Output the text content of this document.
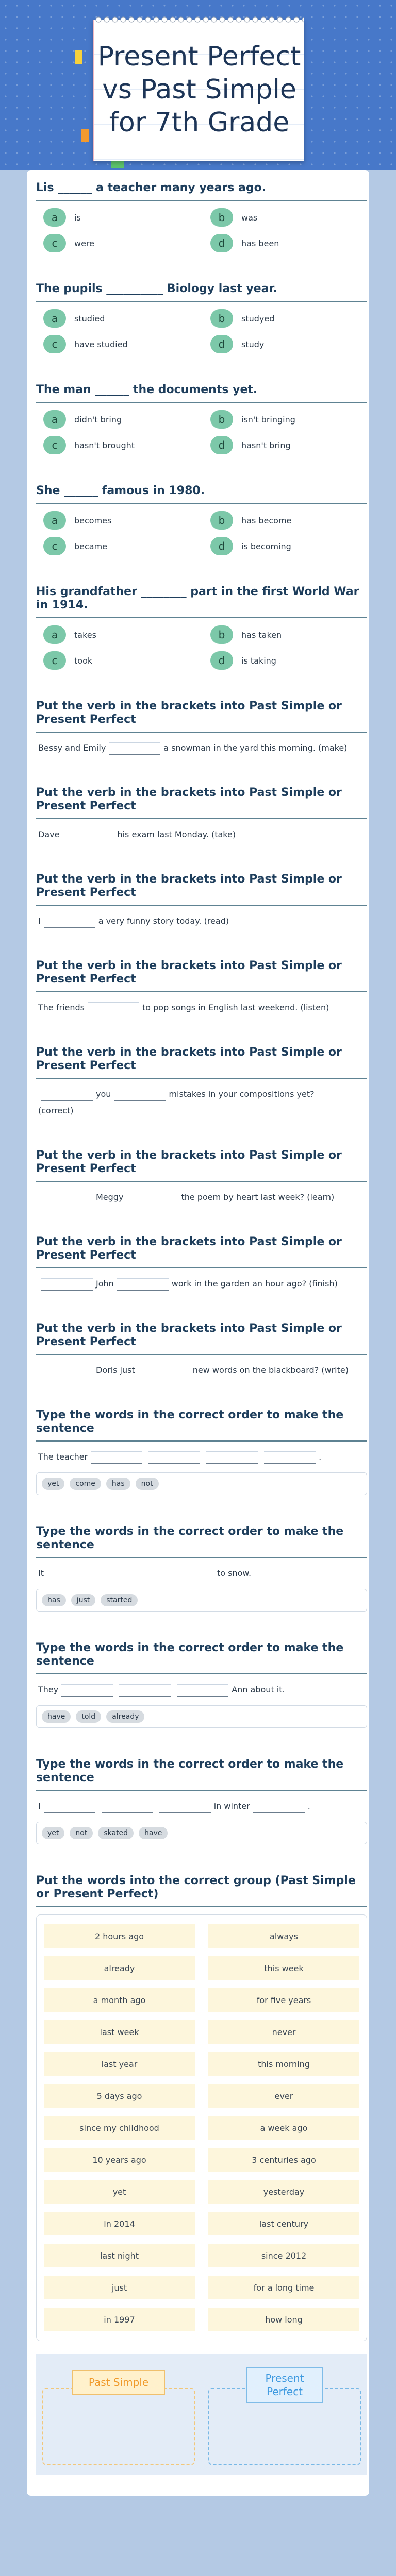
Present Perfect vs Past Simple for 7th Grade
Lis ______ a teacher many years ago.
a	is	b	was
c	were	d	has been
The pupils __________ Biology last year.
a	studied	b	studyed
c	have studied	d	study
The man ______ the documents yet.
a	didn't bring	b	isn't bringing
c	hasn't brought	d	hasn't bring
She ______ famous in 1980.
a	becomes	b	has become
c	became	d	is becoming
His grandfather ________ part in the first World War in 1914.
a	takes	b	has taken
c	took	d	is taking
Put the verb in the brackets into Past Simple or Present Perfect
Bessy and Emily	a snowman in the yard this morning. (make)
Put the verb in the brackets into Past Simple or Present Perfect
Dave	his exam last Monday. (take)
Put the verb in the brackets into Past Simple or Present Perfect
I	a very funny story today. (read)
Put the verb in the brackets into Past Simple or Present Perfect
The friends	to pop songs in English last weekend. (listen)
Put the verb in the brackets into Past Simple or Present Perfect
you	mistakes in your compositions yet?
(correct)
Put the verb in the brackets into Past Simple or Present Perfect
Meggy	the poem by heart last week? (learn)
Put the verb in the brackets into Past Simple or Present Perfect
John	work in the garden an hour ago? (finish)
Put the verb in the brackets into Past Simple or Present Perfect
Doris just	new words on the blackboard? (write)
Type the words in the correct order to make the sentence
The teacher	.
yet	come	has	not
Type the words in the correct order to make the sentence
It	to snow.
has	just	started
Type the words in the correct order to make the sentence
They	Ann about it.
have	told	already
Type the words in the correct order to make the sentence
I	in winter	.
yet	not	skated	have
Put the words into the correct group (Past Simple or Present Perfect)
2 hours ago	always
already	this week
a month ago	for five years
last week	never
last year	this morning
5 days ago	ever
since my childhood	a week ago
10 years ago	3 centuries ago
yet	yesterday
in 2014	last century
last night	since 2012
just	for a long time
in 1997	how long
Past Simple	Present
Perfect
